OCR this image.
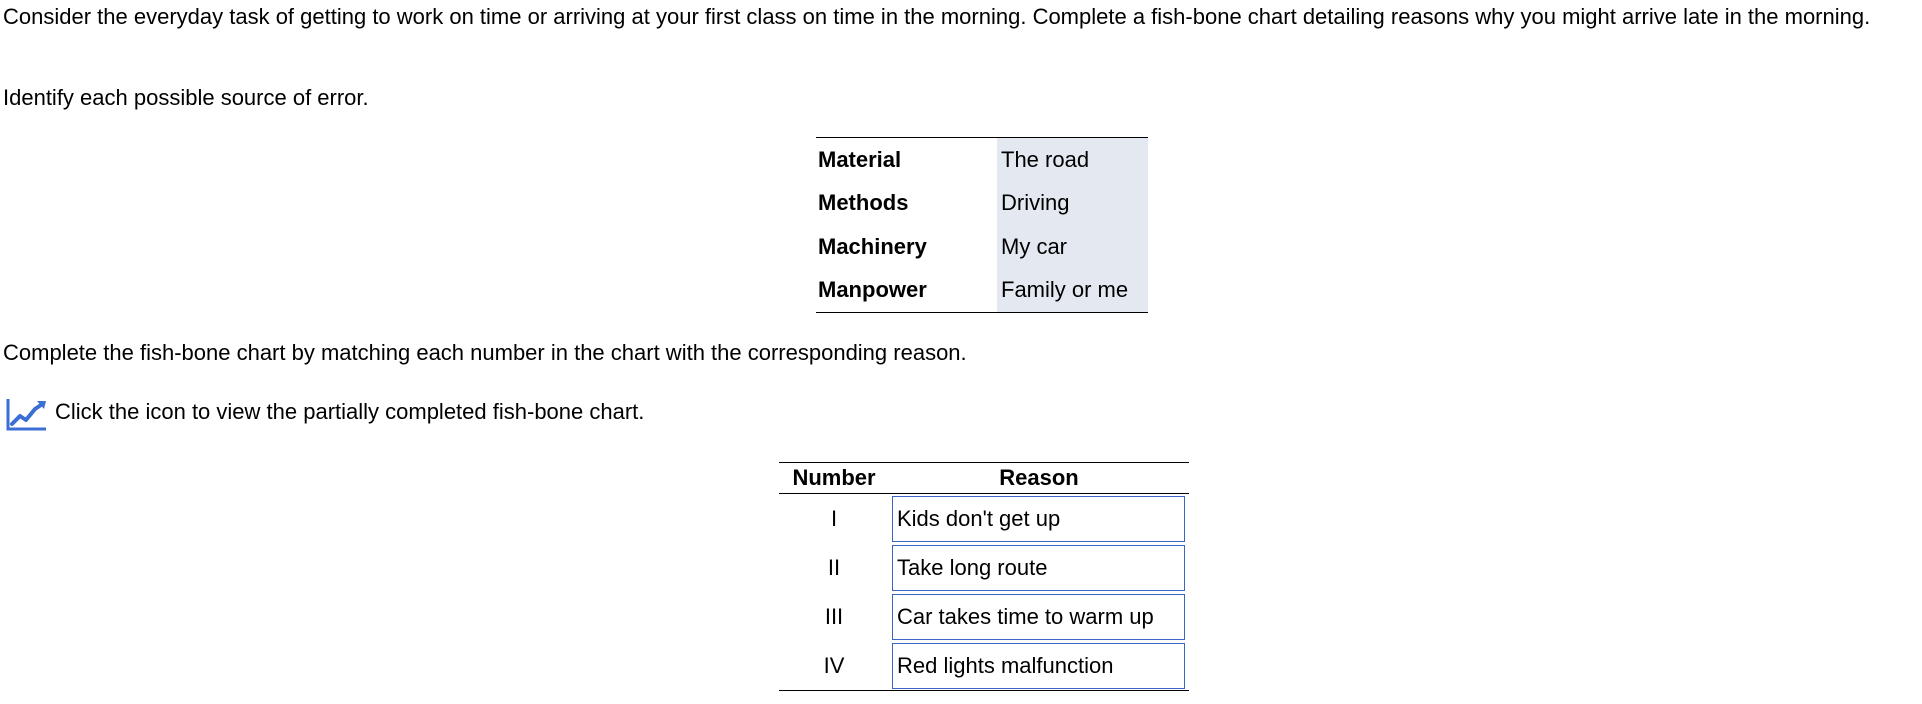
Consider the everyday task of getting to work on time or arriving at your first class on time in the morning. Complete a fish-bone chart detailing reasons why you might arrive late in the morning.

Identify each possible source of error.

Material	The road
Methods	Driving
Machinery	My car
Manpower	Family or me

Complete the fish-bone chart by matching each number in the chart with the corresponding reason.

Click the icon to view the partially completed fish-bone chart.

Number	Reason
I	Kids don't get up

II	Take long route

III	Car takes time to warm up

IV	Red lights malfunction
